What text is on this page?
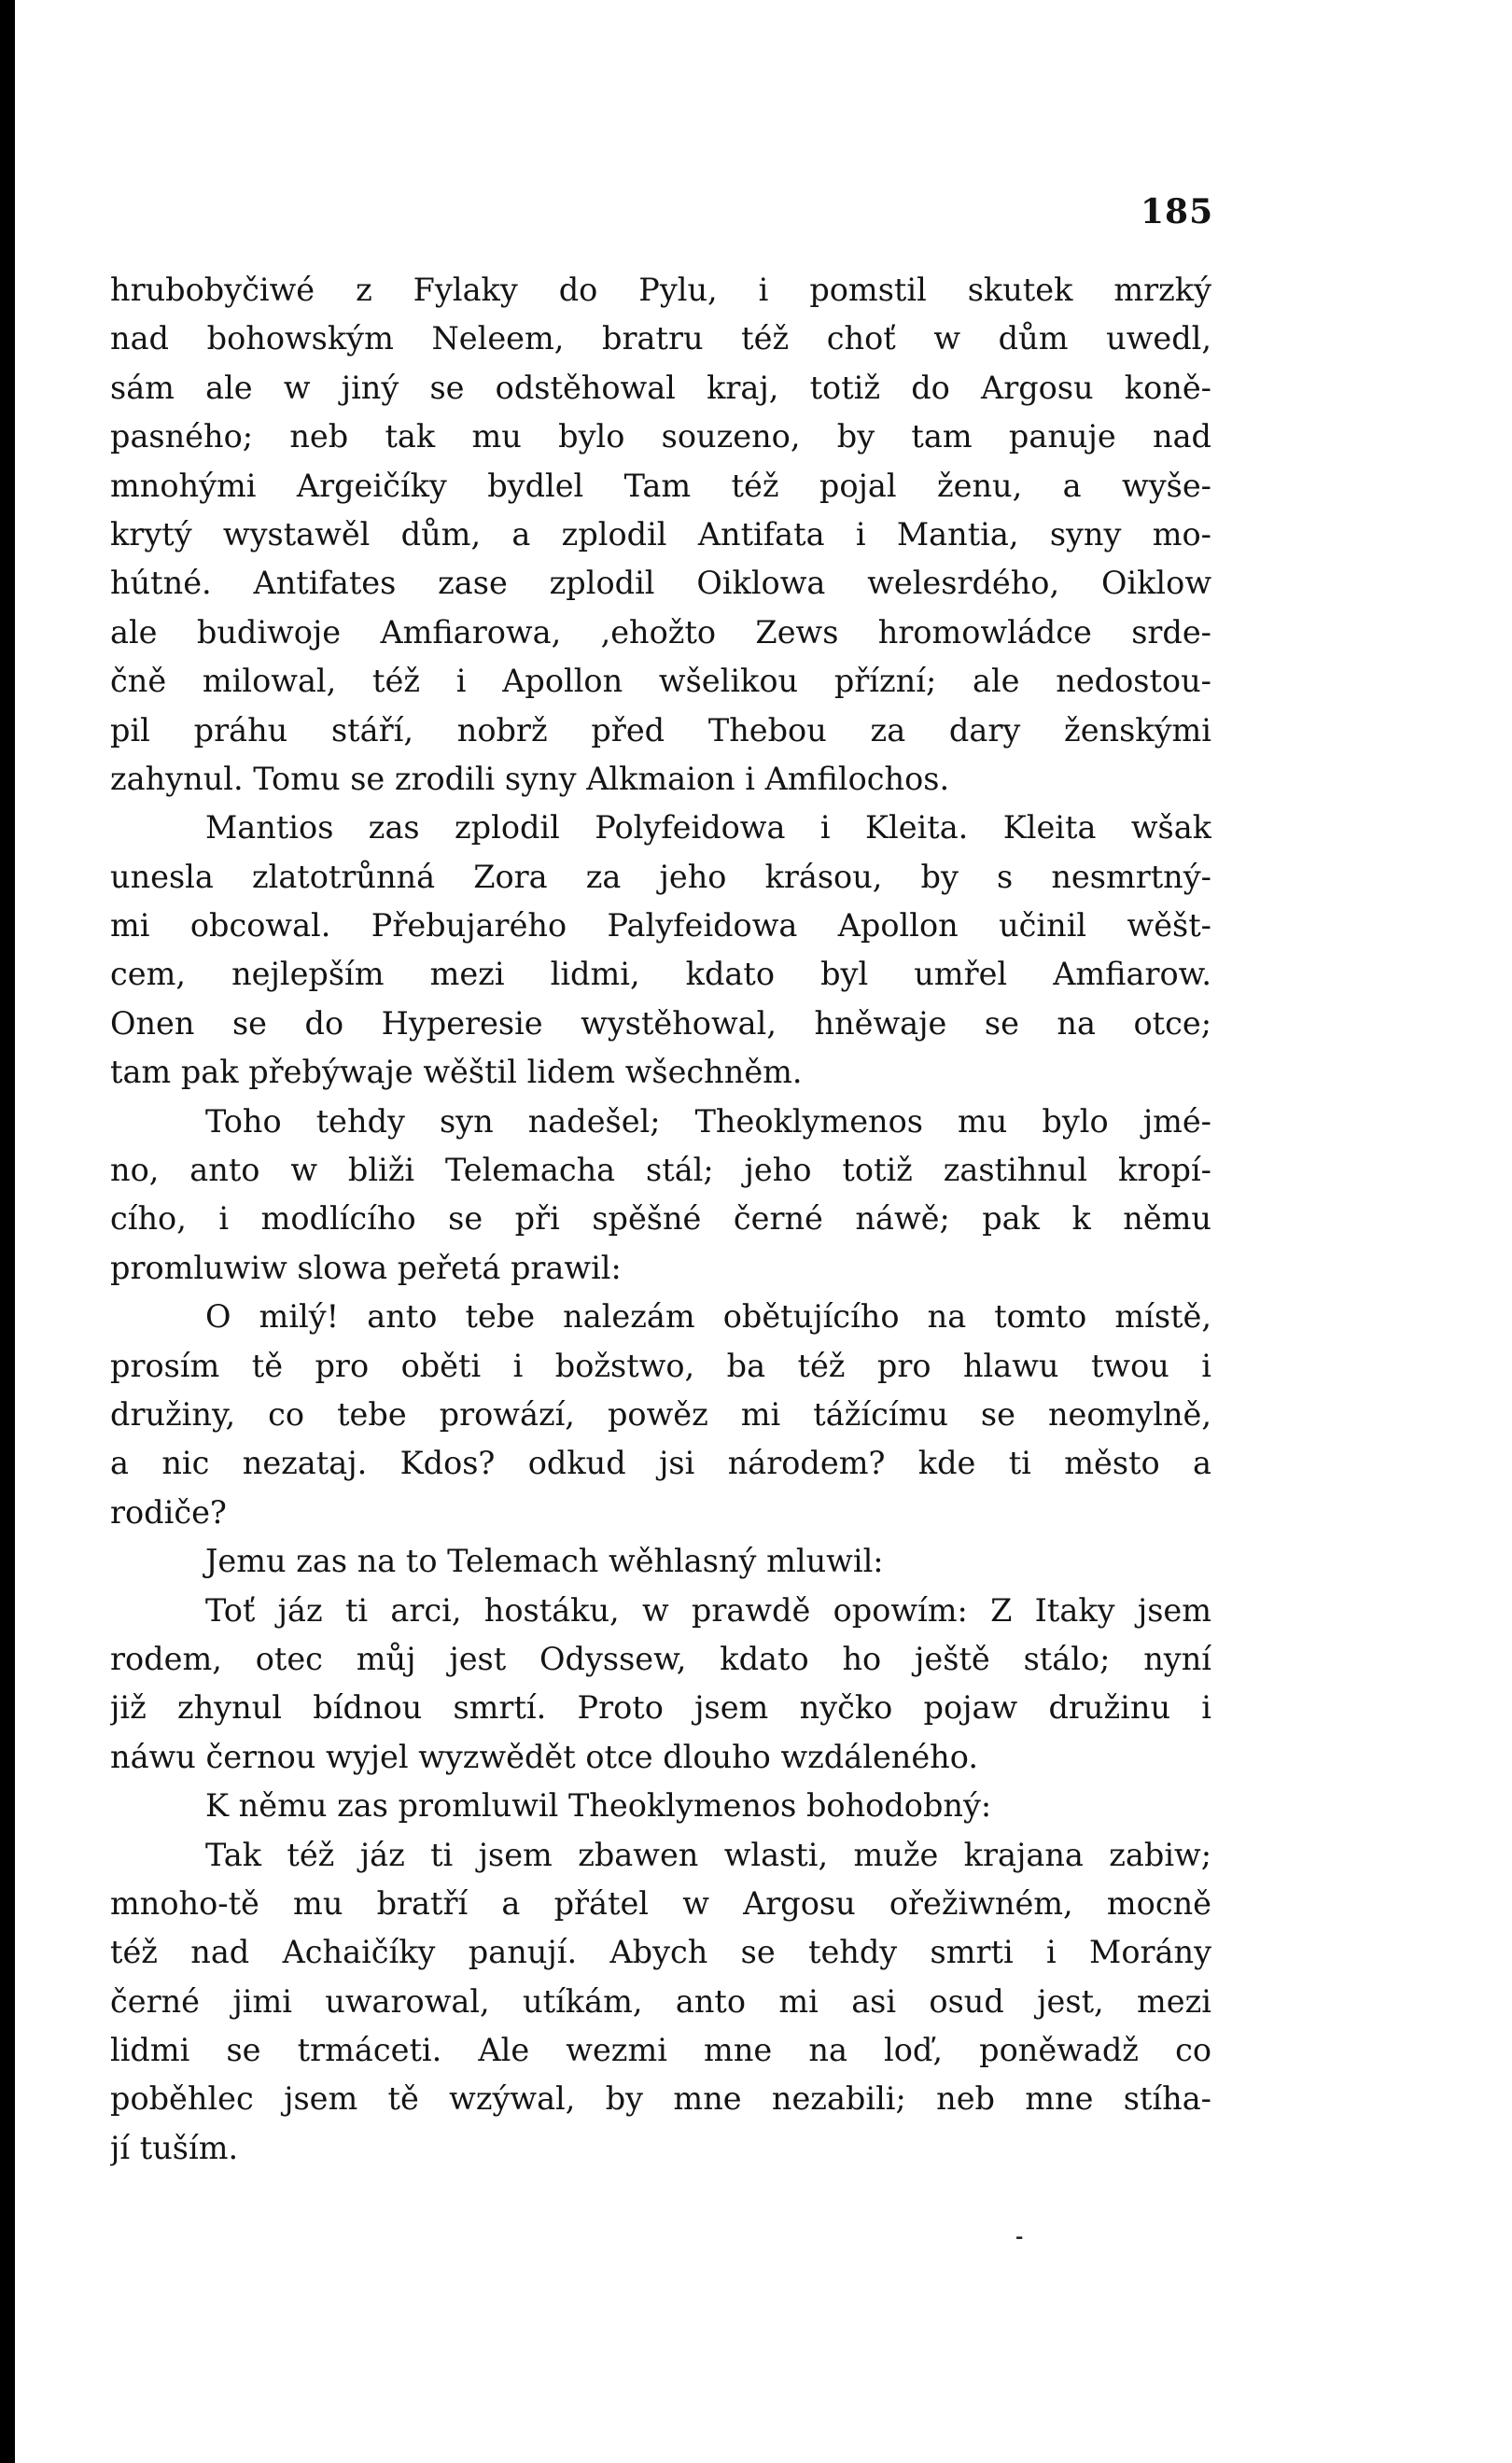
185
hrubobyčiwé z Fylaky do Pylu, i pomstil skutek mrzký
nad bohowským Neleem, bratru též choť w dům uwedl,
sám ale w jiný se odstěhowal kraj, totiž do Argosu koně-
pasného; neb tak mu bylo souzeno, by tam panuje nad
mnohými Argeičíky bydlel Tam též pojal ženu, a wyše-
krytý wystawěl dům, a zplodil Antifata i Mantia, syny mo-
hútné. Antifates zase zplodil Oiklowa welesrdého, Oiklow
ale budiwoje Amfiarowa, ,ehožto Zews hromowládce srde-
čně milowal, též i Apollon wšelikou přízní; ale nedostou-
pil práhu stáří, nobrž před Thebou za dary ženskými
zahynul. Tomu se zrodili syny Alkmaion i Amfilochos.
Mantios zas zplodil Polyfeidowa i Kleita. Kleita wšak
unesla zlatotrůnná Zora za jeho krásou, by s nesmrtný-
mi obcowal. Přebujarého Palyfeidowa Apollon učinil wěšt-
cem, nejlepším mezi lidmi, kdato byl umřel Amfiarow.
Onen se do Hyperesie wystěhowal, hněwaje se na otce;
tam pak přebýwaje wěštil lidem wšechněm.
Toho tehdy syn nadešel; Theoklymenos mu bylo jmé-
no, anto w bliži Telemacha stál; jeho totiž zastihnul kropí-
cího, i modlícího se při spěšné černé náwě; pak k němu
promluwiw slowa peřetá prawil:
O milý! anto tebe nalezám obětujícího na tomto místě,
prosím tě pro oběti i božstwo, ba též pro hlawu twou i
družiny, co tebe prowází, powěz mi tážícímu se neomylně,
a nic nezataj. Kdos? odkud jsi národem? kde ti město a
rodiče?
Jemu zas na to Telemach wěhlasný mluwil:
Toť jáz ti arci, hostáku, w prawdě opowím: Z Itaky jsem
rodem, otec můj jest Odyssew, kdato ho ještě stálo; nyní
již zhynul bídnou smrtí. Proto jsem nyčko pojaw družinu i
náwu černou wyjel wyzwědět otce dlouho wzdáleného.
K němu zas promluwil Theoklymenos bohodobný:
Tak též jáz ti jsem zbawen wlasti, muže krajana zabiw;
mnoho-tě mu bratří a přátel w Argosu ořežiwném, mocně
též nad Achaičíky panují. Abych se tehdy smrti i Morány
černé jimi uwarowal, utíkám, anto mi asi osud jest, mezi
lidmi se trmáceti. Ale wezmi mne na loď, poněwadž co
poběhlec jsem tě wzýwal, by mne nezabili; neb mne stíha-
jí tuším.
-
